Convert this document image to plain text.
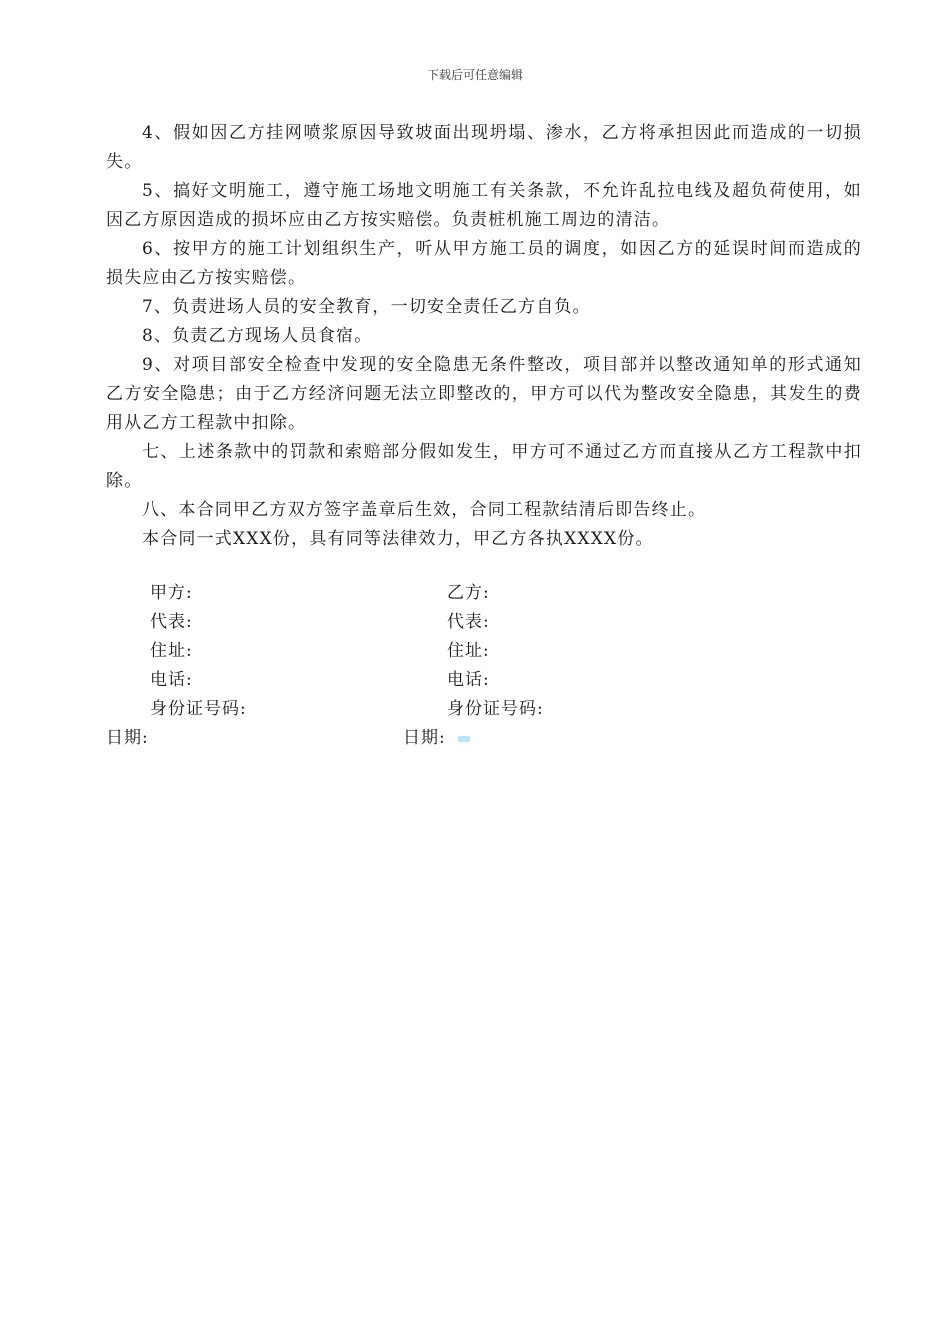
下载后可任意编辑

4、假如因乙方挂网喷浆原因导致坡面出现坍塌、渗水，乙方将承担因此而造成的一切损失。

5、搞好文明施工，遵守施工场地文明施工有关条款，不允许乱拉电线及超负荷使用，如因乙方原因造成的损坏应由乙方按实赔偿。负责桩机施工周边的清洁。

6、按甲方的施工计划组织生产，听从甲方施工员的调度，如因乙方的延误时间而造成的损失应由乙方按实赔偿。

7、负责进场人员的安全教育，一切安全责任乙方自负。

8、负责乙方现场人员食宿。

9、对项目部安全检查中发现的安全隐患无条件整改，项目部并以整改通知单的形式通知乙方安全隐患；由于乙方经济问题无法立即整改的，甲方可以代为整改安全隐患，其发生的费用从乙方工程款中扣除。

七、上述条款中的罚款和索赔部分假如发生，甲方可不通过乙方而直接从乙方工程款中扣除。

八、本合同甲乙方双方签字盖章后生效，合同工程款结清后即告终止。

本合同一式XXX份，具有同等法律效力，甲乙方各执XXXX份。

甲方:	乙方:
代表:	代表:
住址:	住址:
电话:	电话:
身份证号码:	身份证号码:
日期:	日期:
